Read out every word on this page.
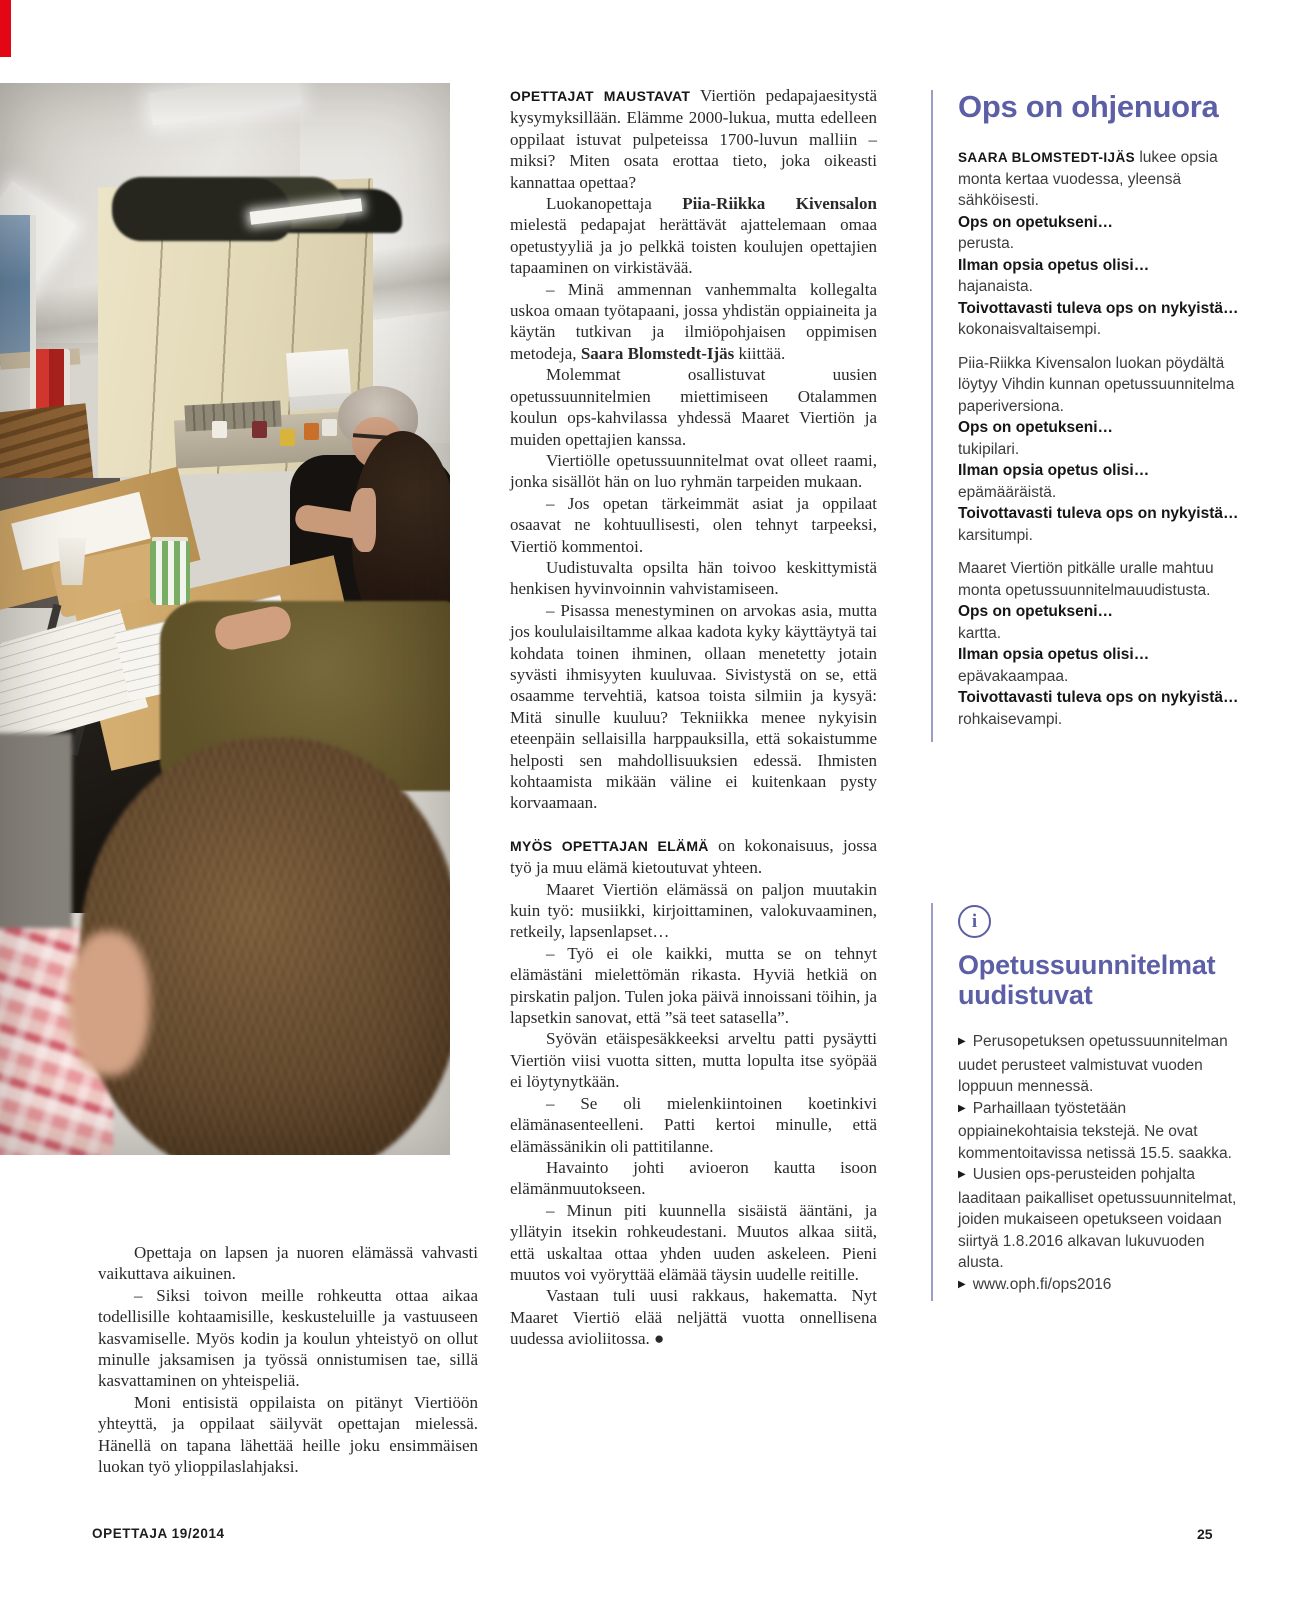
OPETTAJAT MAUSTAVAT Viertiön pedapajaesitystä kysymyksillään. Elämme 2000-lukua, mutta edelleen oppilaat istuvat pulpeteissa 1700-luvun malliin – miksi? Miten osata erottaa tieto, joka oikeasti kannattaa opettaa?

Luokanopettaja Piia-Riikka Kivensalon mielestä pedapajat herättävät ajattelemaan omaa opetustyyliä ja jo pelkkä toisten koulujen opettajien tapaaminen on virkistävää.

– Minä ammennan vanhemmalta kollegalta uskoa omaan työtapaani, jossa yhdistän oppiaineita ja käytän tutkivan ja ilmiöpohjaisen oppimisen metodeja, Saara Blomstedt-Ijäs kiittää.

Molemmat osallistuvat uusien opetussuunnitelmien miettimiseen Otalammen koulun ops-kahvilassa yhdessä Maaret Viertiön ja muiden opettajien kanssa.

Viertiölle opetussuunnitelmat ovat olleet raami, jonka sisällöt hän on luo ryhmän tarpeiden mukaan.

– Jos opetan tärkeimmät asiat ja oppilaat osaavat ne kohtuullisesti, olen tehnyt tarpeeksi, Viertiö kommentoi.

Uudistuvalta opsilta hän toivoo keskittymistä henkisen hyvinvoinnin vahvistamiseen.

– Pisassa menestyminen on arvokas asia, mutta jos koululaisiltamme alkaa kadota kyky käyttäytyä tai kohdata toinen ihminen, ollaan menetetty jotain syvästi ihmisyyten kuuluvaa. Sivistystä on se, että osaamme tervehtiä, katsoa toista silmiin ja kysyä: Mitä sinulle kuuluu? Tekniikka menee nykyisin eteenpäin sellaisilla harppauksilla, että sokaistumme helposti sen mahdollisuuksien edessä. Ihmisten kohtaamista mikään väline ei kuitenkaan pysty korvaamaan.

MYÖS OPETTAJAN ELÄMÄ on kokonaisuus, jossa työ ja muu elämä kietoutuvat yhteen.

Maaret Viertiön elämässä on paljon muutakin kuin työ: musiikki, kirjoittaminen, valokuvaaminen, retkeily, lapsenlapset…

– Työ ei ole kaikki, mutta se on tehnyt elämästäni mielettömän rikasta. Hyviä hetkiä on pirskatin paljon. Tulen joka päivä innoissani töihin, ja lapsetkin sanovat, että ”sä teet satasella”.

Syövän etäispesäkkeeksi arveltu patti pysäytti Viertiön viisi vuotta sitten, mutta lopulta itse syöpää ei löytynytkään.

– Se oli mielenkiintoinen koetinkivi elämänasenteelleni. Patti kertoi minulle, että elämässänikin oli pattitilanne.

Havainto johti avioeron kautta isoon elämänmuutokseen.

– Minun piti kuunnella sisäistä ääntäni, ja yllätyin itsekin rohkeudestani. Muutos alkaa siitä, että uskaltaa ottaa yhden uuden askeleen. Pieni muutos voi vyöryttää elämää täysin uudelle reitille.

Vastaan tuli uusi rakkaus, hakematta. Nyt Maaret Viertiö elää neljättä vuotta onnellisena uudessa avioliitossa. ●

Opettaja on lapsen ja nuoren elämässä vahvasti vaikuttava aikuinen.

– Siksi toivon meille rohkeutta ottaa aikaa todellisille kohtaamisille, keskusteluille ja vastuuseen kasvamiselle. Myös kodin ja koulun yhteistyö on ollut minulle jaksamisen ja työssä onnistumisen tae, sillä kasvattaminen on yhteispeliä.

Moni entisistä oppilaista on pitänyt Viertiöön yhteyttä, ja oppilaat säilyvät opettajan mielessä. Hänellä on tapana lähettää heille joku ensimmäisen luokan työ ylioppilaslahjaksi.

Ops on ohjenuora

SAARA BLOMSTEDT-IJÄS lukee opsia monta kertaa vuodessa, yleensä sähköisesti.

Ops on opetukseni…
perusta.
Ilman opsia opetus olisi…
hajanaista.
Toivottavasti tuleva ops on nykyistä…
kokonaisvaltaisempi.

Piia-Riikka Kivensalon luokan pöydältä löytyy Vihdin kunnan opetussuunnitelma paperiversiona.

Ops on opetukseni…
tukipilari.
Ilman opsia opetus olisi…
epämääräistä.
Toivottavasti tuleva ops on nykyistä…
karsitumpi.

Maaret Viertiön pitkälle uralle mahtuu monta opetussuunnitelmauudistusta.

Ops on opetukseni…
kartta.
Ilman opsia opetus olisi…
epävakaampaa.
Toivottavasti tuleva ops on nykyistä…
rohkaisevampi.
i
Opetussuunnitelmat uudistuvat

▶ Perusopetuksen opetussuunnitelman uudet perusteet valmistuvat vuoden loppuun mennessä.

▶ Parhaillaan työstetään oppiainekohtaisia tekstejä. Ne ovat kommentoitavissa netissä 15.5. saakka.

▶ Uusien ops-perusteiden pohjalta laaditaan paikalliset opetussuunnitelmat, joiden mukaiseen opetukseen voidaan siirtyä 1.8.2016 alkavan lukuvuoden alusta.

▶ www.oph.fi/ops2016

OPETTAJA 19/2014	25
